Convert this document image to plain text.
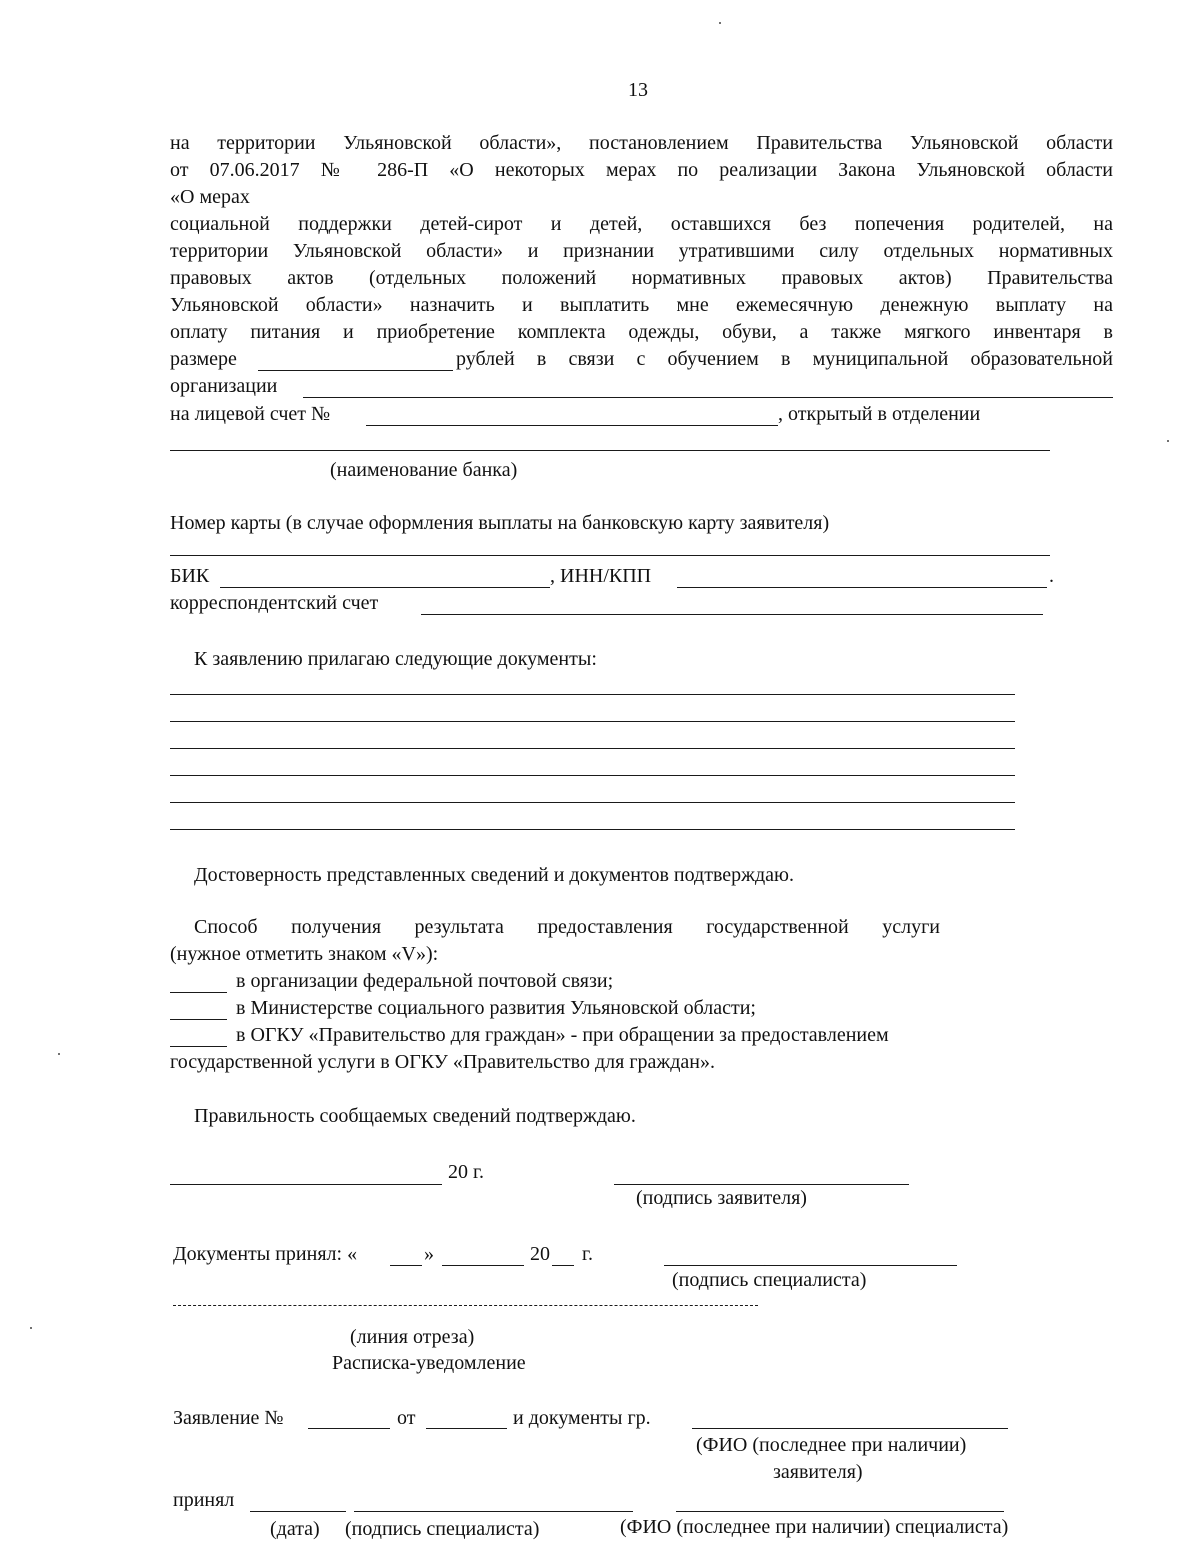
13
на территории Ульяновской области», постановлением Правительства Ульяновской области
от 07.06.2017 № 286-П «О некоторых мерах по реализации Закона Ульяновской области
«О мерах
социальной поддержки детей-сирот и детей, оставшихся без попечения родителей, на
территории Ульяновской области» и признании утратившими силу отдельных нормативных
правовых актов (отдельных положений нормативных правовых актов) Правительства
Ульяновской области» назначить и выплатить мне ежемесячную денежную выплату на
оплату питания и приобретение комплекта одежды, обуви, а также мягкого инвентаря в
размере	рублей в связи с обучением в муниципальной образовательной
организации
на лицевой счет №	, открытый в отделении
(наименование банка)
Номер карты (в случае оформления выплаты на банковскую карту заявителя)
БИК	, ИНН/КПП	.
корреспондентский счет
К заявлению прилагаю следующие документы:
Достоверность представленных сведений и документов подтверждаю.
Способ получения результата предоставления государственной услуги
(нужное отметить знаком «V»):
в организации федеральной почтовой связи;
в Министерстве социального развития Ульяновской области;
в ОГКУ «Правительство для граждан» - при обращении за предоставлением
государственной услуги в ОГКУ «Правительство для граждан».
Правильность сообщаемых сведений подтверждаю.
20 г.
(подпись заявителя)
Документы принял: «	»	20 г.
(подпись специалиста)
(линия отреза)
Расписка-уведомление
Заявление №	от	и документы гр.
(ФИО (последнее при наличии)
заявителя)
принял
(дата) (подпись специалиста)	(ФИО (последнее при наличии) специалиста)
